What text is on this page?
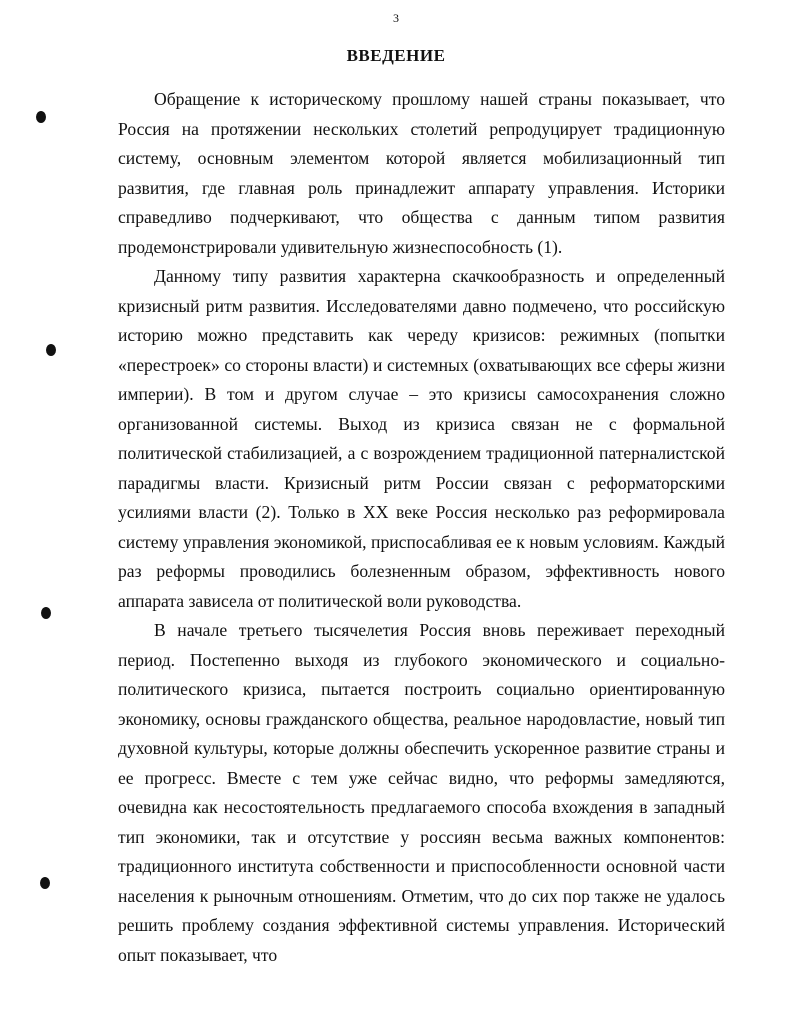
3
ВВЕДЕНИЕ

Обращение к историческому прошлому нашей страны показывает, что Россия на протяжении нескольких столетий репродуцирует традиционную систему, основным элементом которой является мобилизационный тип развития, где главная роль принадлежит аппарату управления. Историки справедливо подчеркивают, что общества с данным типом развития продемонстрировали удивительную жизнеспособность (1).

Данному типу развития характерна скачкообразность и определенный кризисный ритм развития. Исследователями давно подмечено, что российскую историю можно представить как череду кризисов: режимных (попытки «перестроек» со стороны власти) и системных (охватывающих все сферы жизни империи). В том и другом случае – это кризисы самосохранения сложно организованной системы. Выход из кризиса связан не с формальной политической стабилизацией, а с возрождением традиционной патерналистской парадигмы власти. Кризисный ритм России связан с реформаторскими усилиями власти (2). Только в XX веке Россия несколько раз реформировала систему управления экономикой, приспосабливая ее к новым условиям. Каждый раз реформы проводились болезненным образом, эффективность нового аппарата зависела от политической воли руководства.

В начале третьего тысячелетия Россия вновь переживает переходный период. Постепенно выходя из глубокого экономического и социально-политического кризиса, пытается построить социально ориентированную экономику, основы гражданского общества, реальное народовластие, новый тип духовной культуры, которые должны обеспечить ускоренное развитие страны и ее прогресс. Вместе с тем уже сейчас видно, что реформы замедляются, очевидна как несостоятельность предлагаемого способа вхождения в западный тип экономики, так и отсутствие у россиян весьма важных компонентов: традиционного института собственности и приспособленности основной части населения к рыночным отношениям. Отметим, что до сих пор также не удалось решить проблему создания эффективной системы управления. Исторический опыт показывает, что
